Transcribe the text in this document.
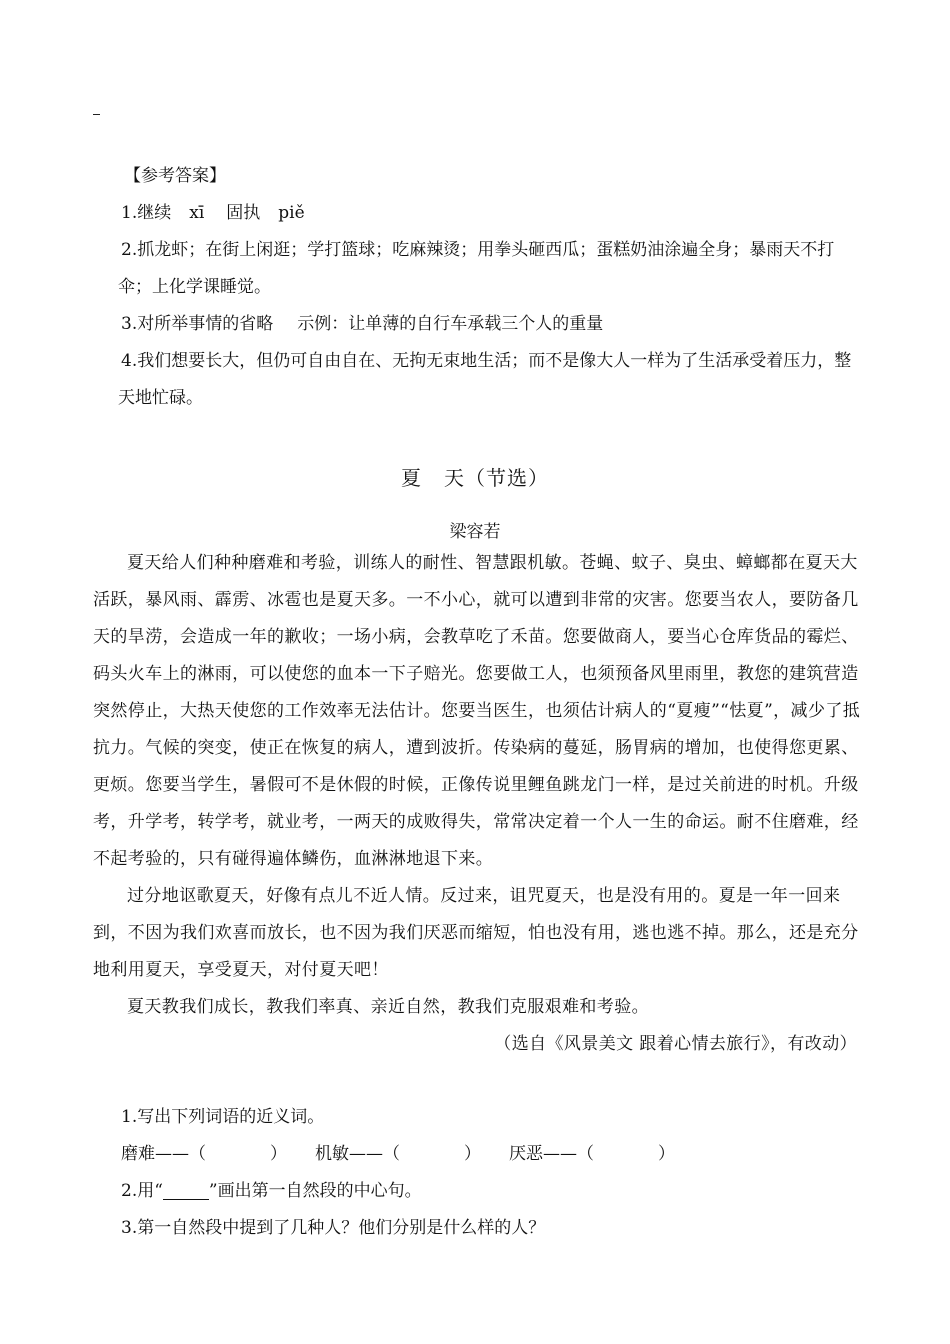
【参考答案】
1.继续 xī 固执 piě

2.抓龙虾；在街上闲逛；学打篮球；吃麻辣烫；用拳头砸西瓜；蛋糕奶油涂遍全身；暴雨天不打伞；上化学课睡觉。

3.对所举事情的省略 示例：让单薄的自行车承载三个人的重量

4.我们想要长大，但仍可自由自在、无拘无束地生活；而不是像大人一样为了生活承受着压力，整天地忙碌。

夏 天（节选）
梁容若

夏天给人们种种磨难和考验，训练人的耐性、智慧跟机敏。苍蝇、蚊子、臭虫、蟑螂都在夏天大活跃，暴风雨、霹雳、冰雹也是夏天多。一不小心，就可以遭到非常的灾害。您要当农人，要防备几天的旱涝，会造成一年的歉收；一场小病，会教草吃了禾苗。您要做商人，要当心仓库货品的霉烂、码头火车上的淋雨，可以使您的血本一下子赔光。您要做工人，也须预备风里雨里，教您的建筑营造突然停止，大热天使您的工作效率无法估计。您要当医生，也须估计病人的“夏瘦”“怯夏”，减少了抵抗力。气候的突变，使正在恢复的病人，遭到波折。传染病的蔓延，肠胃病的增加，也使得您更累、更烦。您要当学生，暑假可不是休假的时候，正像传说里鲤鱼跳龙门一样，是过关前进的时机。升级考，升学考，转学考，就业考，一两天的成败得失，常常决定着一个人一生的命运。耐不住磨难，经不起考验的，只有碰得遍体鳞伤，血淋淋地退下来。

过分地讴歌夏天，好像有点儿不近人情。反过来，诅咒夏天，也是没有用的。夏是一年一回来到，不因为我们欢喜而放长，也不因为我们厌恶而缩短，怕也没有用，逃也逃不掉。那么，还是充分地利用夏天，享受夏天，对付夏天吧！

夏天教我们成长，教我们率真、亲近自然，教我们克服艰难和考验。

（选自《风景美文 跟着心情去旅行》，有改动）
1.写出下列词语的近义词。
磨难——（	） 机敏——（	） 厌恶——（	）
2.用“	”画出第一自然段的中心句。
3.第一自然段中提到了几种人？他们分别是什么样的人？
